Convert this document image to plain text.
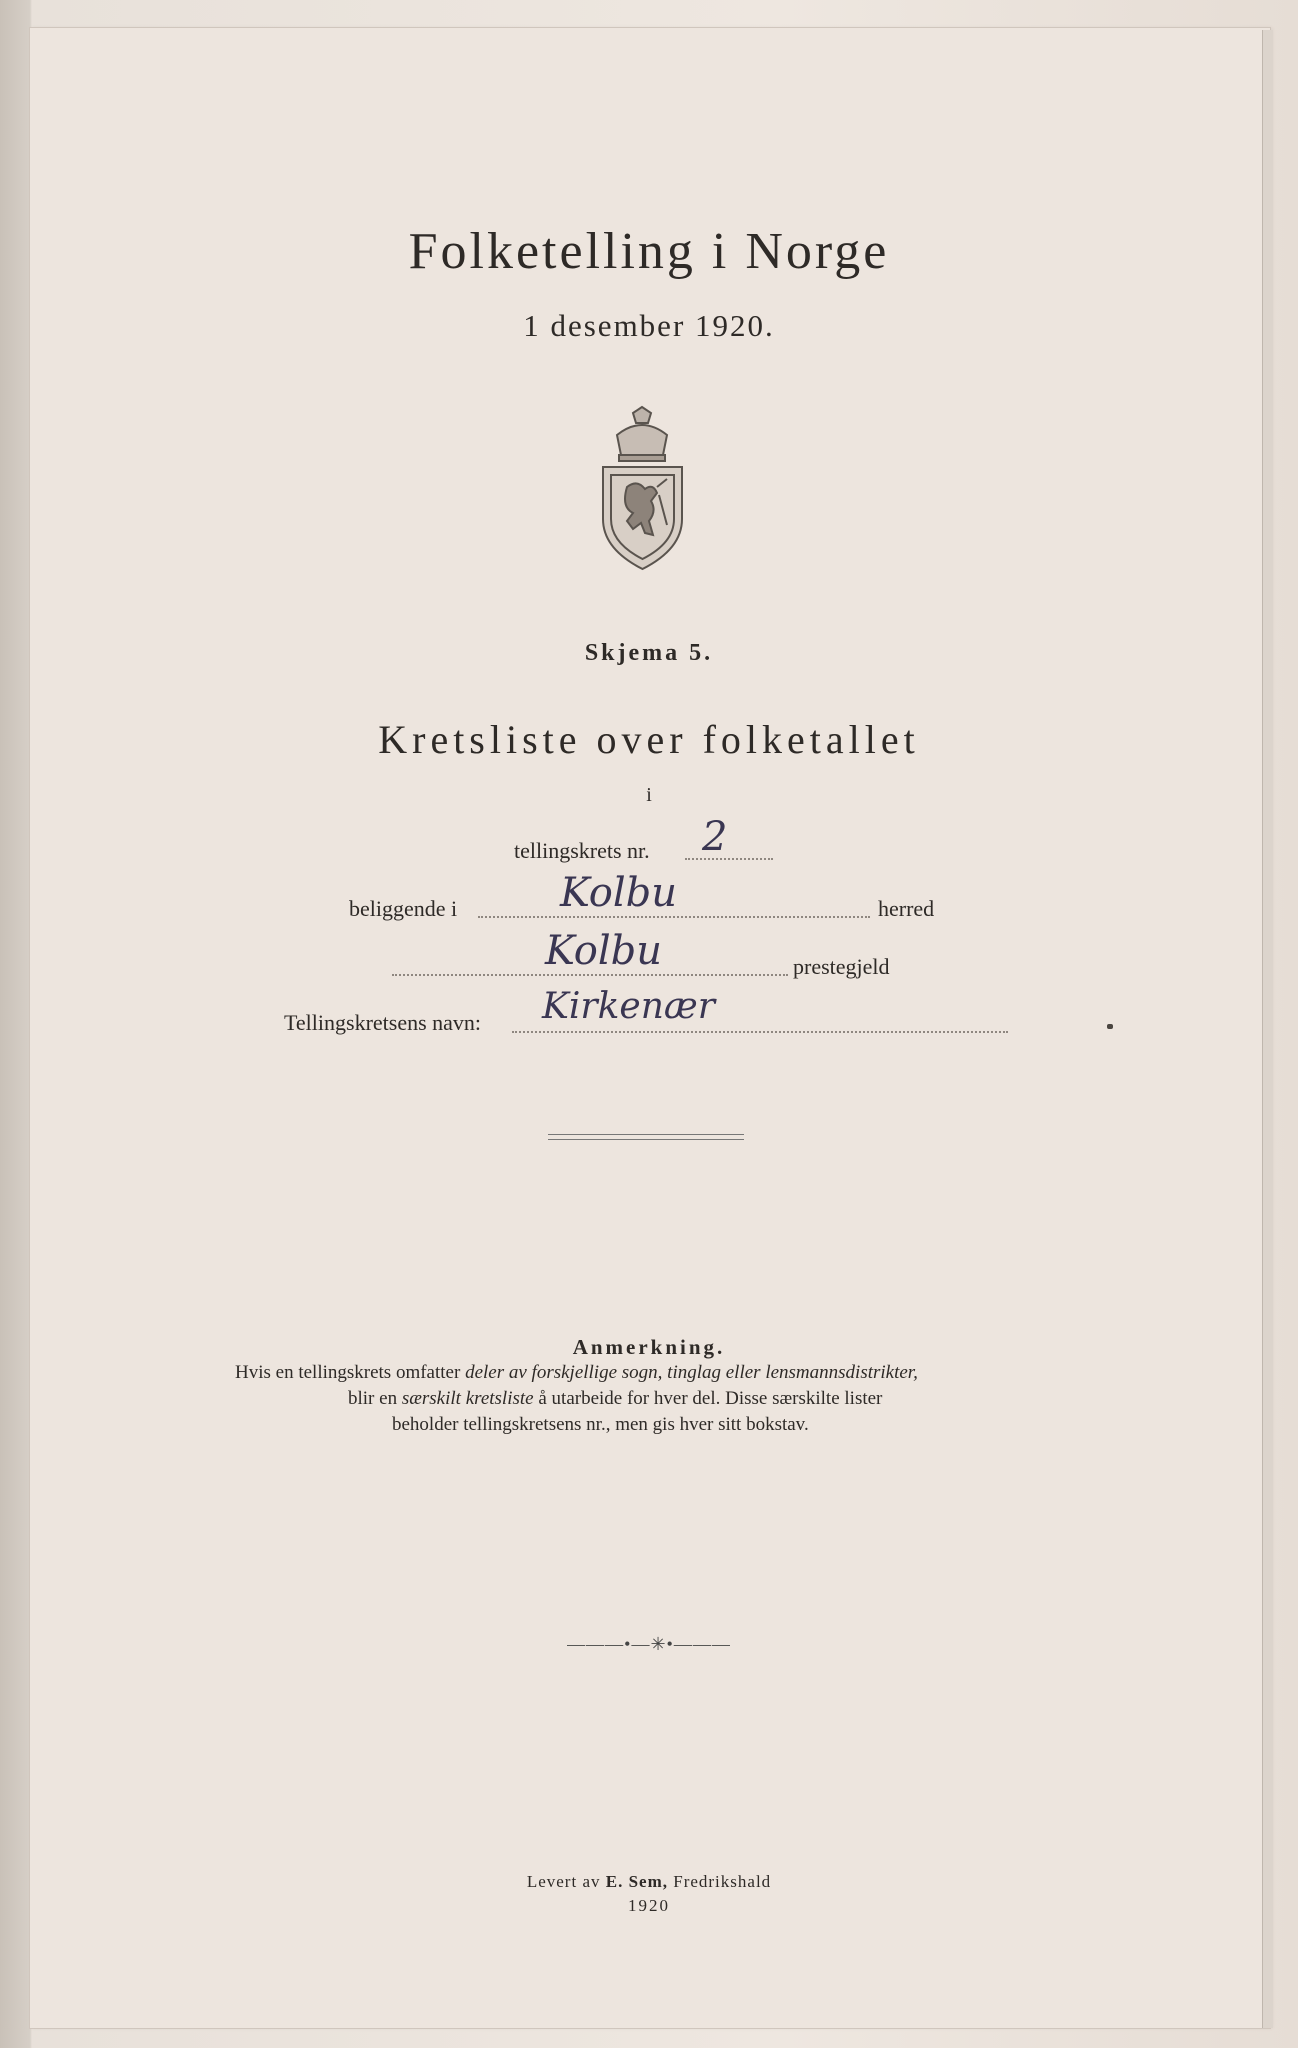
Folketelling i Norge
1 desember 1920.
Skjema 5.
Kretsliste over folketallet
i
tellingskrets nr. 2
beliggende i	Kolbu	herred
Kolbu	prestegjeld
Tellingskretsens navn: Kirkenær
Anmerkning.
Hvis en tellingskrets omfatter deler av forskjellige sogn, tinglag eller lensmannsdistrikter,
blir en særskilt kretsliste å utarbeide for hver del. Disse særskilte lister
beholder tellingskretsens nr., men gis hver sitt bokstav.
———•—✳•———
Levert av E. Sem, Fredrikshald
1920
